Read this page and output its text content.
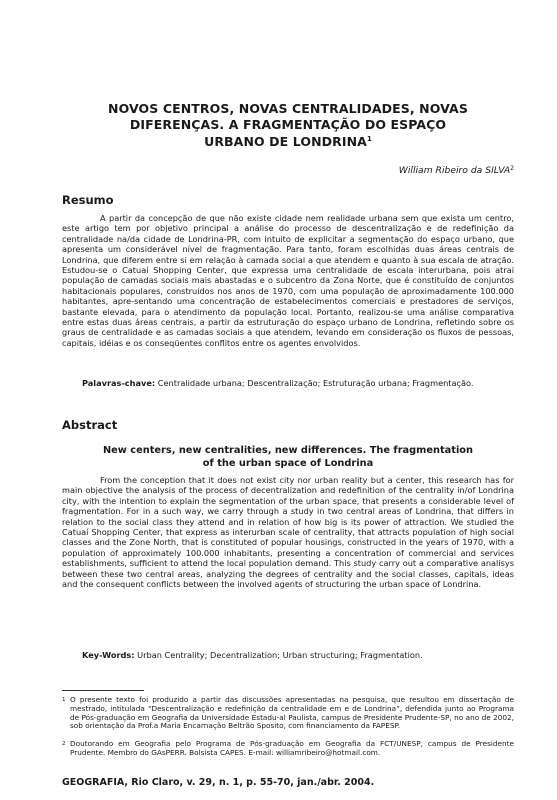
NOVOS CENTROS, NOVAS CENTRALIDADES, NOVAS
DIFERENÇAS. A FRAGMENTAÇÃO DO ESPAÇO
URBANO DE LONDRINA$^1$
William Ribeiro da SILVA$^2$
Resumo
A partir da concepção de que não existe cidade nem realidade urbana sem que exista um centro, este artigo tem por objetivo principal a análise do processo de descentralização e de redefinição da centralidade na/da cidade de Londrina-PR, com intuito de explicitar a segmentação do espaço urbano, que apresenta um considerável nível de fragmentação. Para tanto, foram escolhidas duas áreas centrais de Londrina, que diferem entre si em relação à camada social a que atendem e quanto à sua escala de atração. Estudou-se o Catuaí Shopping Center, que expressa uma centralidade de escala interurbana, pois atrai população de camadas sociais mais abastadas e o subcentro da Zona Norte, que é constituído de conjuntos habitacionais populares, construídos nos anos de 1970, com uma população de aproximadamente 100.000 habitantes, apre-sentando uma concentração de estabelecimentos comerciais e prestadores de serviços, bastante elevada, para o atendimento da população local. Portanto, realizou-se uma análise comparativa entre estas duas áreas centrais, a partir da estruturação do espaço urbano de Londrina, refletindo sobre os graus de centralidade e as camadas sociais a que atendem, levando em consideração os fluxos de pessoas, capitais, idéias e os conseqüentes conflitos entre os agentes envolvidos.
Palavras-chave: Centralidade urbana; Descentralização; Estruturação urbana; Fragmentação.
Abstract
New centers, new centralities, new differences. The fragmentation
of the urban space of Londrina
From the conception that it does not exist city nor urban reality but a center, this research has for main objective the analysis of the process of decentralization and redefinition of the centrality in/of Londrina city, with the intention to explain the segmentation of the urban space, that presents a considerable level of fragmentation. For in a such way, we carry through a study in two central areas of Londrina, that differs in relation to the social class they attend and in relation of how big is its power of attraction. We studied the Catuaí Shopping Center, that express as interurban scale of centrality, that attracts population of high social classes and the Zone North, that is constituted of popular housings, constructed in the years of 1970, with a population of approximately 100.000 inhabitants, presenting a concentration of commercial and services establishments, sufficient to attend the local population demand. This study carry out a comparative analisys between these two central areas, analyzing the degrees of centrality and the social classes, capitals, ideas and the consequent conflicts between the involved agents of structuring the urban space of Londrina.
Key-Words: Urban Centrality; Decentralization; Urban structuring; Fragmentation.
1 O presente texto foi produzido a partir das discussões apresentadas na pesquisa, que resultou em dissertação de mestrado, intitulada “Descentralização e redefinição da centralidade em e de Londrina”, defendida junto ao Programa de Pós-graduação em Geografia da Universidade Estadu-al Paulista, campus de Presidente Prudente-SP, no ano de 2002, sob orientação da Prof.a Maria Encarnação Beltrão Sposito, com financiamento da FAPESP.
2 Doutorando em Geografia pelo Programa de Pós-graduação em Geografia da FCT/UNESP, campus de Presidente Prudente. Membro do GAsPERR. Bolsista CAPES. E-mail: williamribeiro@hotmail.com.
GEOGRAFIA, Rio Claro, v. 29, n. 1, p. 55-70, jan./abr. 2004.
